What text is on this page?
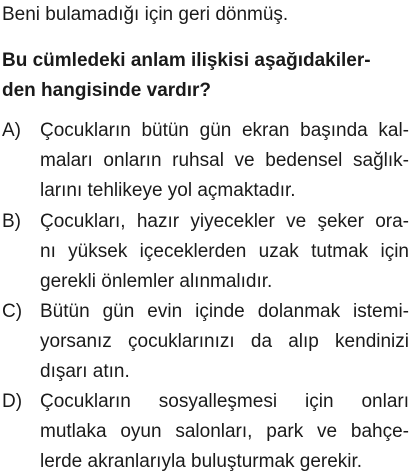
Beni bulamadığı için geri dönmüş.
Bu cümledeki anlam ilişkisi aşağıdakiler-
den hangisinde vardır?
A) Çocukların bütün gün ekran başında kal-
maları onların ruhsal ve bedensel sağlık-
larını tehlikeye yol açmaktadır.
B) Çocukları, hazır yiyecekler ve şeker ora-
nı yüksek içeceklerden uzak tutmak için
gerekli önlemler alınmalıdır.
C) Bütün gün evin içinde dolanmak istemi-
yorsanız çocuklarınızı da alıp kendinizi
dışarı atın.
D) Çocukların sosyalleşmesi için onları
mutlaka oyun salonları, park ve bahçe-
lerde akranlarıyla buluşturmak gerekir.
